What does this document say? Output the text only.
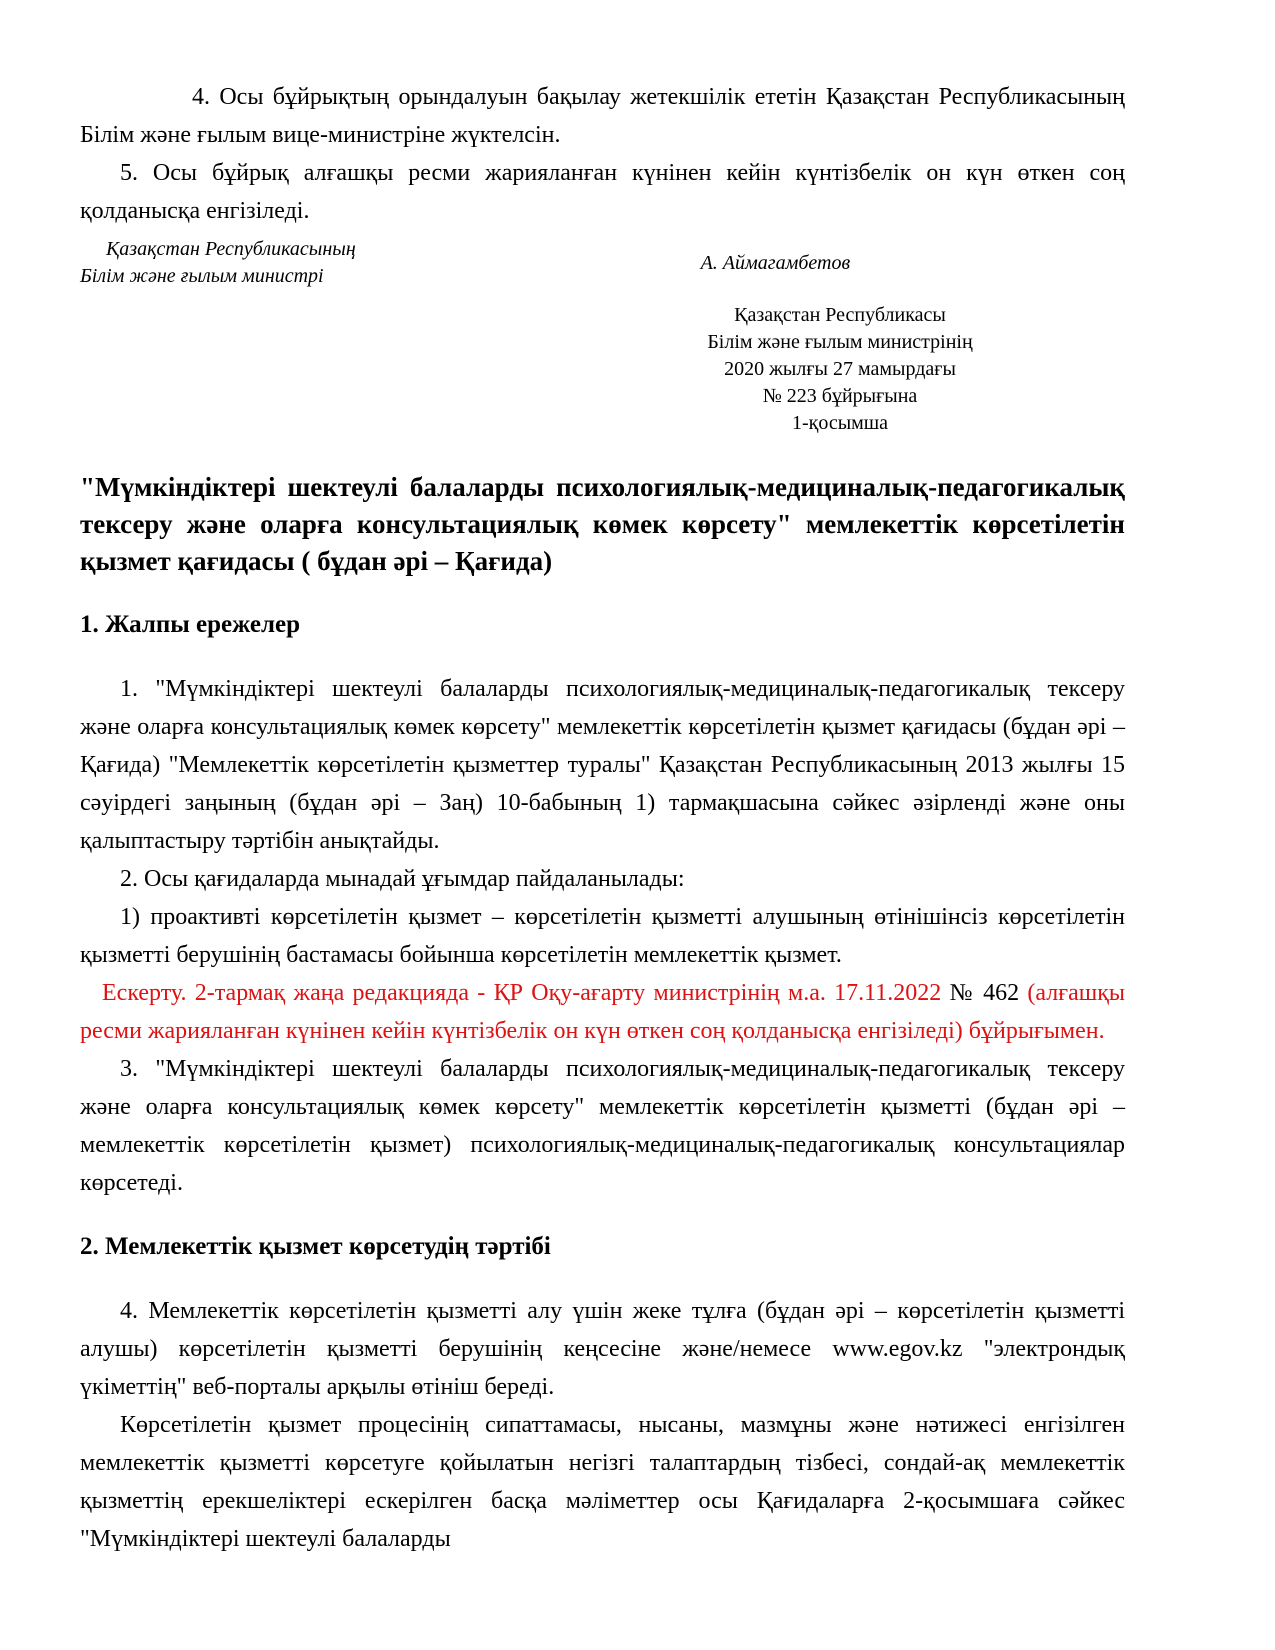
4. Осы бұйрықтың орындалуын бақылау жетекшілік ететін Қазақстан Республикасының Білім және ғылым вице-министріне жүктелсін.

5. Осы бұйрық алғашқы ресми жарияланған күнінен кейін күнтізбелік он күн өткен соң қолданысқа енгізіледі.

Қазақстан Республикасының
Білім және ғылым министрі
А. Аймагамбетов
Қазақстан Республикасы
Білім және ғылым министрінің
2020 жылғы 27 мамырдағы
№ 223 бұйрығына
1-қосымша
"Мүмкіндіктері шектеулі балаларды психологиялық-медициналық-педагогикалық тексеру және оларға консультациялық көмек көрсету" мемлекеттік көрсетілетін қызмет қағидасы ( бұдан әрі – Қағида)
1. Жалпы ережелер

1. "Мүмкіндіктері шектеулі балаларды психологиялық-медициналық-педагогикалық тексеру және оларға консультациялық көмек көрсету" мемлекеттік көрсетілетін қызмет қағидасы (бұдан әрі – Қағида) "Мемлекеттік көрсетілетін қызметтер туралы" Қазақстан Республикасының 2013 жылғы 15 сәуірдегі заңының (бұдан әрі – Заң) 10-бабының 1) тармақшасына сәйкес әзірленді және оны қалыптастыру тәртібін анықтайды.

2. Осы қағидаларда мынадай ұғымдар пайдаланылады:

1) проактивті көрсетілетін қызмет – көрсетілетін қызметті алушының өтінішінсіз көрсетілетін қызметті берушінің бастамасы бойынша көрсетілетін мемлекеттік қызмет.

Ескерту. 2-тармақ жаңа редакцияда - ҚР Оқу-ағарту министрінің м.а. 17.11.2022 № 462 (алғашқы ресми жарияланған күнінен кейін күнтізбелік он күн өткен соң қолданысқа енгізіледі) бұйрығымен.

3. "Мүмкіндіктері шектеулі балаларды психологиялық-медициналық-педагогикалық тексеру және оларға консультациялық көмек көрсету" мемлекеттік көрсетілетін қызметті (бұдан әрі – мемлекеттік көрсетілетін қызмет) психологиялық-медициналық-педагогикалық консультациялар көрсетеді.

2. Мемлекеттік қызмет көрсетудің тәртібі

4. Мемлекеттік көрсетілетін қызметті алу үшін жеке тұлға (бұдан әрі – көрсетілетін қызметті алушы) көрсетілетін қызметті берушінің кеңсесіне және/немесе www.egov.kz "электрондық үкіметтің" веб-порталы арқылы өтініш береді.

Көрсетілетін қызмет процесінің сипаттамасы, нысаны, мазмұны және нәтижесі енгізілген мемлекеттік қызметті көрсетуге қойылатын негізгі талаптардың тізбесі, сондай-ақ мемлекеттік қызметтің ерекшеліктері ескерілген басқа мәліметтер осы Қағидаларға 2-қосымшаға сәйкес "Мүмкіндіктері шектеулі балаларды
